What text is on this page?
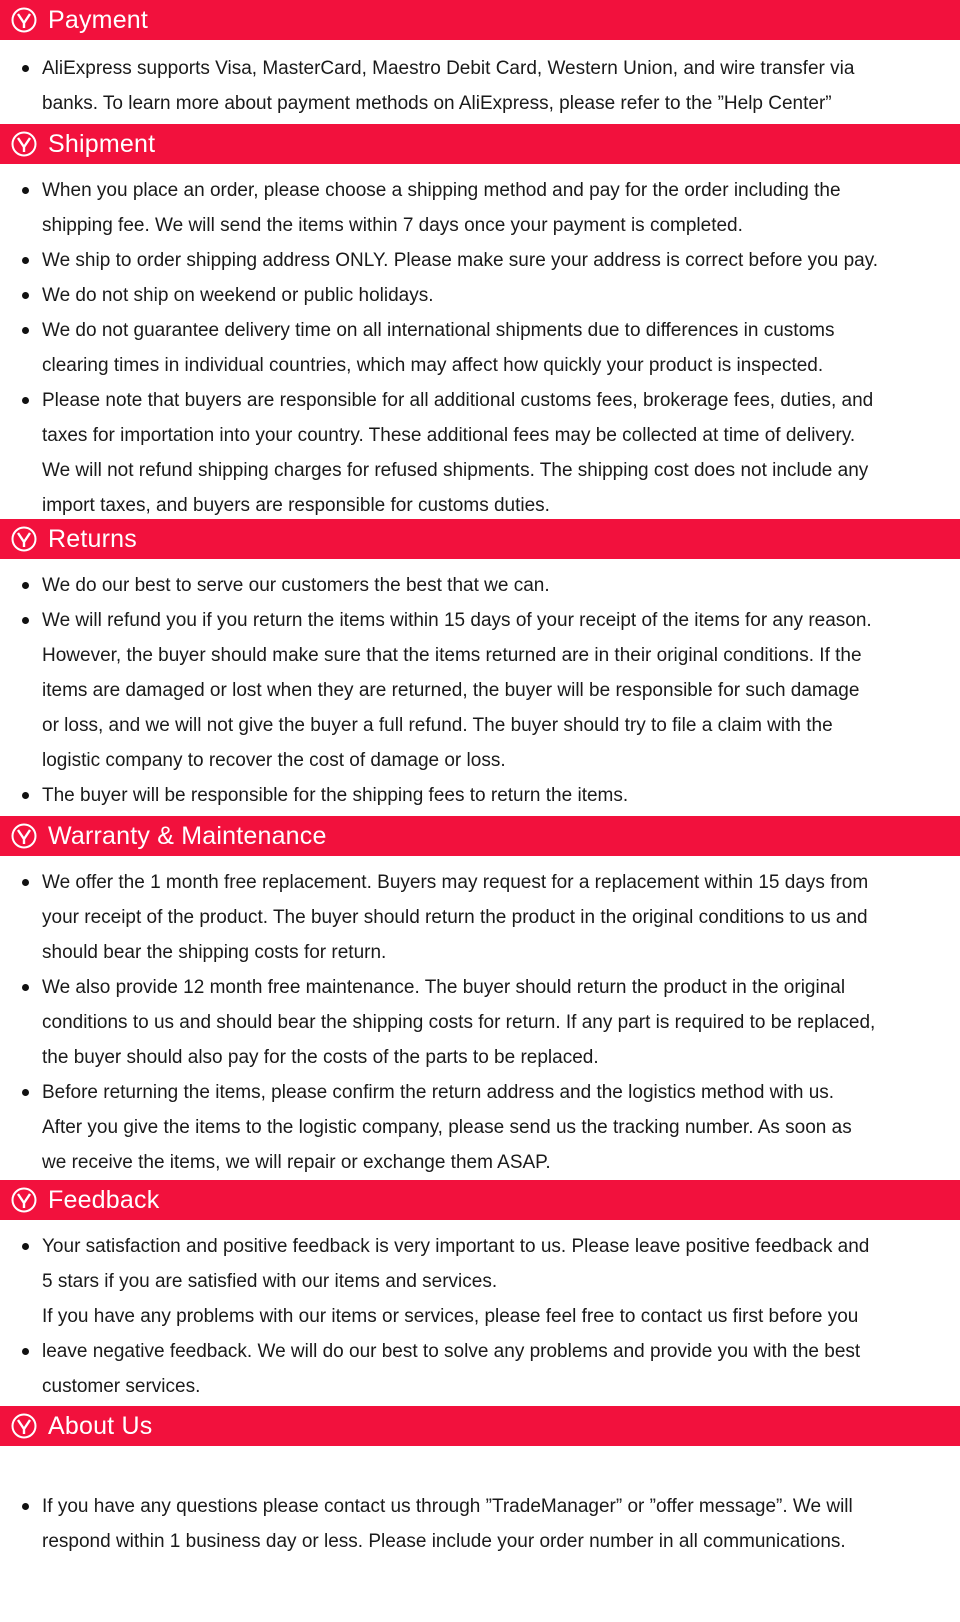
Payment
AliExpress supports Visa, MasterCard, Maestro Debit Card, Western Union, and wire transfer via
banks. To learn more about payment methods on AliExpress, please refer to the ”Help Center”
Shipment
When you place an order, please choose a shipping method and pay for the order including the
shipping fee. We will send the items within 7 days once your payment is completed.
We ship to order shipping address ONLY. Please make sure your address is correct before you pay.
We do not ship on weekend or public holidays.
We do not guarantee delivery time on all international shipments due to differences in customs
clearing times in individual countries, which may affect how quickly your product is inspected.
Please note that buyers are responsible for all additional customs fees, brokerage fees, duties, and
taxes for importation into your country. These additional fees may be collected at time of delivery.
We will not refund shipping charges for refused shipments. The shipping cost does not include any
import taxes, and buyers are responsible for customs duties.
Returns
We do our best to serve our customers the best that we can.
We will refund you if you return the items within 15 days of your receipt of the items for any reason.
However, the buyer should make sure that the items returned are in their original conditions. If the
items are damaged or lost when they are returned, the buyer will be responsible for such damage
or loss, and we will not give the buyer a full refund. The buyer should try to file a claim with the
logistic company to recover the cost of damage or loss.
The buyer will be responsible for the shipping fees to return the items.
Warranty & Maintenance
We offer the 1 month free replacement. Buyers may request for a replacement within 15 days from
your receipt of the product. The buyer should return the product in the original conditions to us and
should bear the shipping costs for return.
We also provide 12 month free maintenance. The buyer should return the product in the original
conditions to us and should bear the shipping costs for return. If any part is required to be replaced,
the buyer should also pay for the costs of the parts to be replaced.
Before returning the items, please confirm the return address and the logistics method with us.
After you give the items to the logistic company, please send us the tracking number. As soon as
we receive the items, we will repair or exchange them ASAP.
Feedback
Your satisfaction and positive feedback is very important to us. Please leave positive feedback and
5 stars if you are satisfied with our items and services.
If you have any problems with our items or services, please feel free to contact us first before you
leave negative feedback. We will do our best to solve any problems and provide you with the best
customer services.
About Us
If you have any questions please contact us through ”TradeManager” or ”offer message”. We will
respond within 1 business day or less. Please include your order number in all communications.
